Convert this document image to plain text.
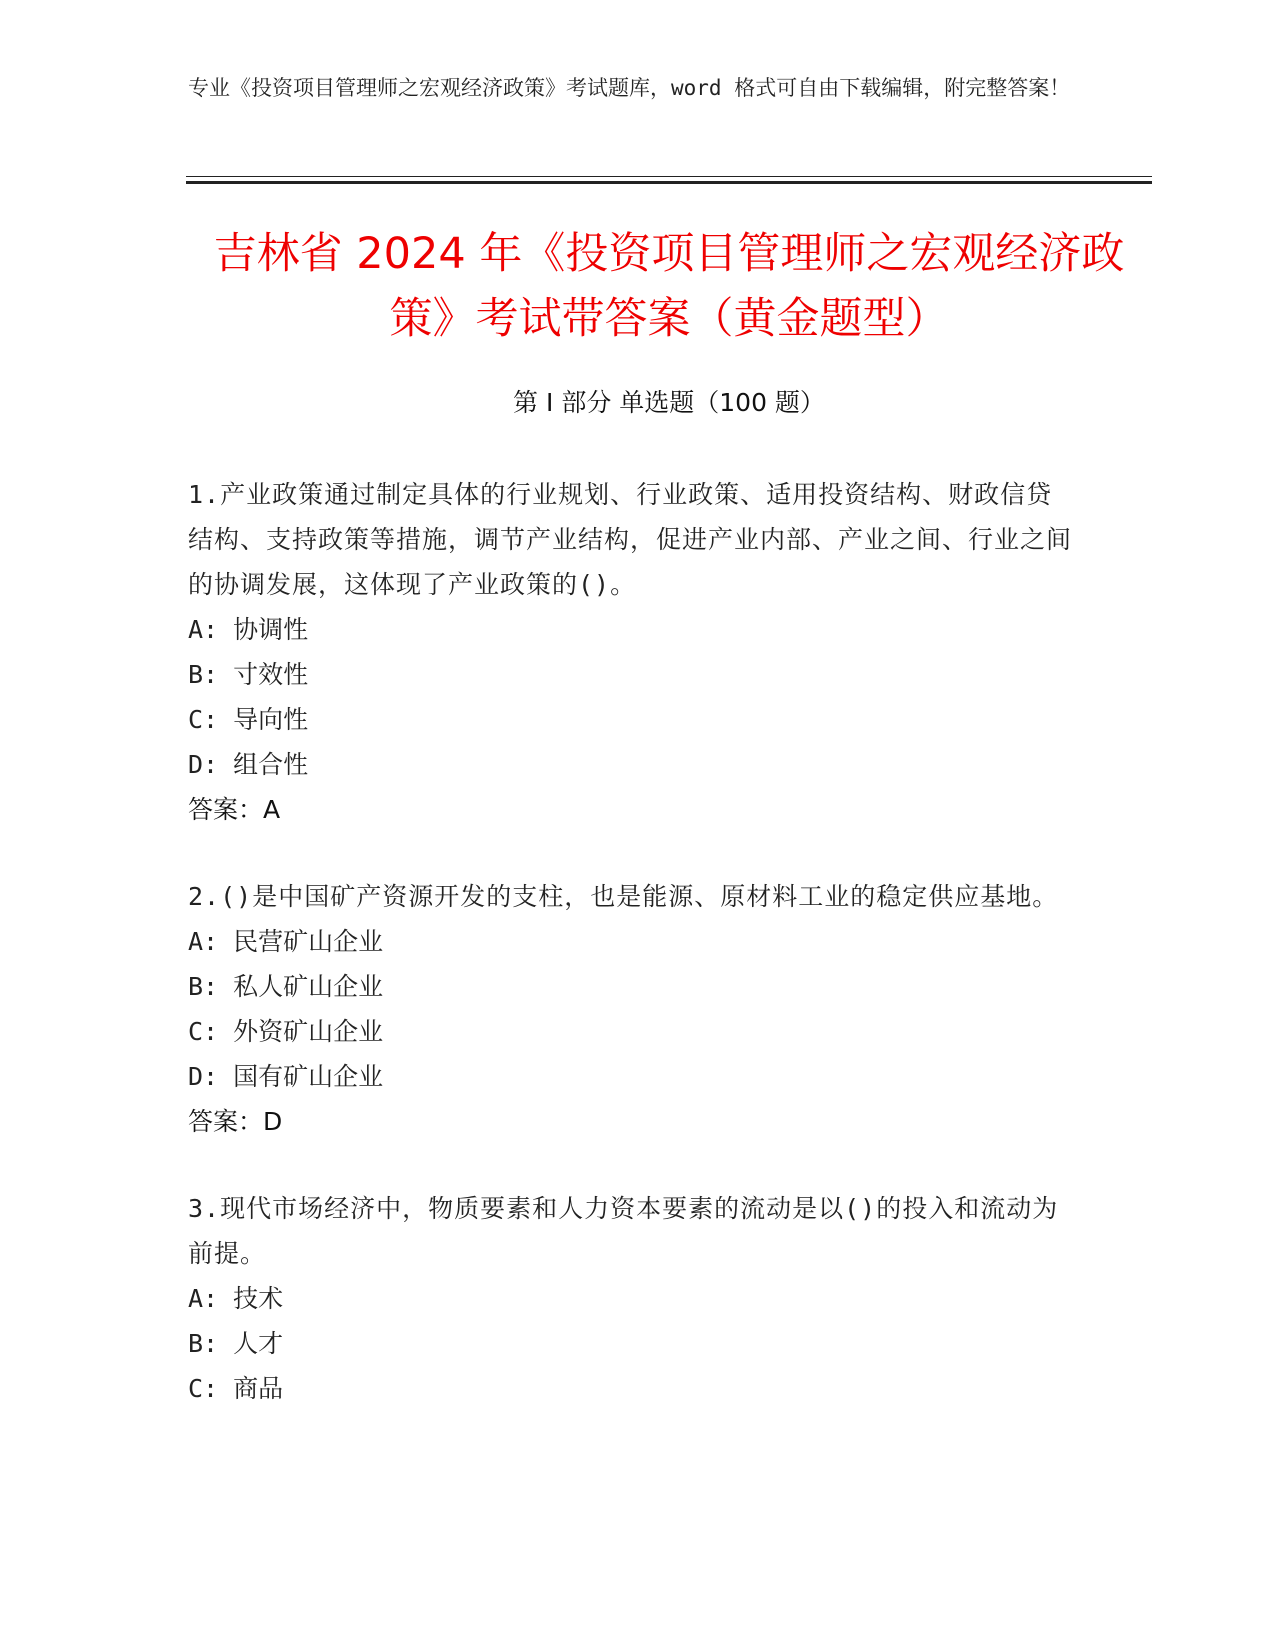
专业《投资项目管理师之宏观经济政策》考试题库，word 格式可自由下载编辑，附完整答案！
吉林省 2024 年《投资项目管理师之宏观经济政策》考试带答案（黄金题型）
第 I 部分 单选题（100 题）

1.产业政策通过制定具体的行业规划、行业政策、适用投资结构、财政信贷结构、支持政策等措施，调节产业结构，促进产业内部、产业之间、行业之间的协调发展，这体现了产业政策的()。

A: 协调性

B: 寸效性

C: 导向性

D: 组合性

答案：A

2.()是中国矿产资源开发的支柱，也是能源、原材料工业的稳定供应基地。

A: 民营矿山企业

B: 私人矿山企业

C: 外资矿山企业

D: 国有矿山企业

答案：D

3.现代市场经济中，物质要素和人力资本要素的流动是以()的投入和流动为前提。

A: 技术

B: 人才

C: 商品
